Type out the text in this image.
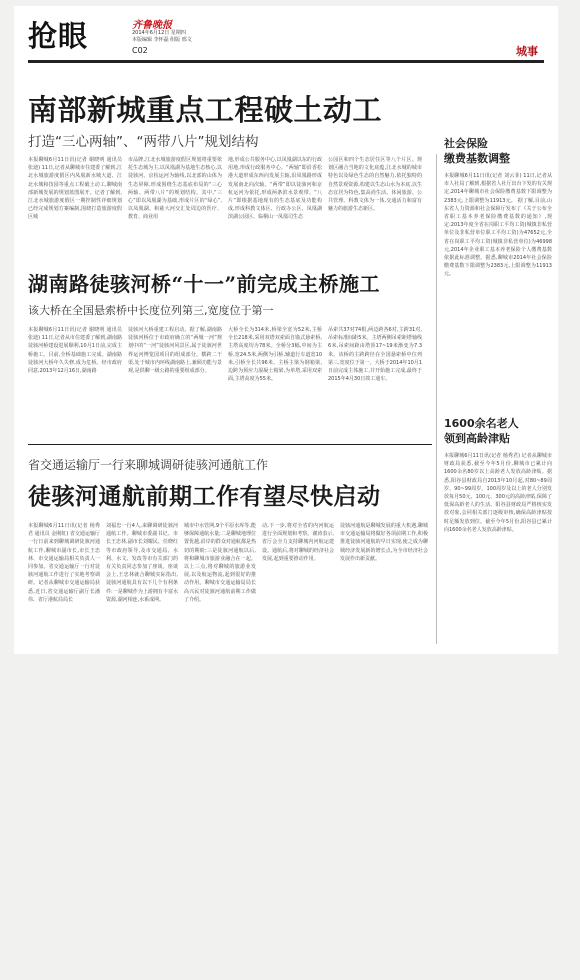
抢眼	齐鲁晚报
2014年6月12日 星期四
本版编辑 李怀磊 组版 邢文
C02	城事
南部新城重点工程破土动工
打造“三心两轴”、“两带八片”规划结构
本报聊城6月11日讯(记者 谢晓明 通讯员 张迪) 11日,记者从聊城市住建委了解到,江北水城旅游度假区内凤凰新水城大道、江北水城和技园等重点工程破土动工,聊城南部新城发展的规划蓝图展开。记者了解到,江北水城旅游度假区一期控制性详细规划已经完成规划方案编制,围绕打造旅游度假区城
市品牌,江北水城旅游度假区规划将重要依托生态城为主,以凤凰湖为基地生态核心,以徒骇河、京杭运河为轴线,以北部的山体为生态屏障,形成围绕生态基底布局的“三心两轴、两带八片”的规划结构。其中,“三心”即以凤凰湖为基础,形成片区的“绿心”,以凤凰湖、和慈大河交汇处周边的医疗、教育、商业用
地,形成公共服务中心,以凤凰湖以东的行政用地,形成行政服务中心。“两轴”即沿香松港大道形成东西向发展主轴,沿凤凰路形成发展南北向次轴。“两带”即以徒骇河和京杭运河为依托,形成两条滨水景观带。“八片”即根据基地现有的生态基底及功能构成,形成科教文体区、行政办公区、凤凰湖滨湖公园区、临桐山一凤凰司生态
公园区和四个生态居住区等八个片区。规划区融合当地的文化底蕴,江北水城的城市特色以及绿色生态的自然魅力,依托独特的自然景观资源,构建以生态山水为本底,以生态宜居为特色,集高尚生活、休闲旅游、公共管理、科教文体为一体,交通活力和富有魅力的旅游生态新区。
社会保险
缴费基数调整
本报聊城6月11日讯(记者 刘云菲) 11日,记者从市人社局了解到,根据省人社厅出台下发的有关规定,2014年聊城市社会保险缴费基数下限调整为2383元,上限调整为11913元。 据了解,目前,山东省人力资源和社会保障厅发布了《关于公布全省职工基本养老保险缴费基数的通知》,规定:2013年度全省在岗职工平均工资(城镇非私营单位及非私营单位职工平均工资)为47652元,全省在岗职工平均工资(城镇非私营单位)为46998元,2014年企业职工基本养老保险个人缴费基数依据此标准调整。据悉,聊城市2014年社会保险缴费基数下限调整为2383元,上限调整为11913元。
湖南路徒骇河桥“十一”前完成主桥施工
该大桥在全国悬索桥中长度位列第三,宽度位于第一
本报聊城6月11日讯(记者 谢晓明 通讯员 张迪) 11日,记者从市住建委了解到,湖南路徒骇河桥建设进展顺利,10月1日前,完成主桥施工。目前,全桥基础施工完成。湖南路徒骇河大桥年久失修,成为危桥。经市政府同意,2013年12月16日,湖南路
徒骇河大桥重建工程启动。据了解,湖南路徒骇河桥位于市政府确立的“两城一河”规划中的“一河”徒骇河风景区,属于徒骇河世界运河博览园项目的组成部分。横跨二干渠,处于城市内环线湖南路上,兼顾功能与景观,是供聊一级公路的重要组成部分。
大桥全长为314米,桥梁全宽为52米,主桥全长218米,采用双塔双索面自锚式悬索桥,主塔高度均为78米。全桥分3幅,中间为主桥,宽24.5米,两侧为引桥,辅道行车道宽10米,引桥全长共96米。主桥主梁为钢箱梁,边跨为预应力混凝土箱梁,为单塔,采用双索面,主塔高度为55米。
吊索共37对74根,两边跨各6对,主跨31对,吊索标准间距5米。主塔两侧吊索距塔轴线6米,吊索间距由塔顶17~19米渐变为7.3米。该桥的主跨跨径在全国悬索桥中位列第三,宽度位于第一。大桥于2014年10月1日前完成主体施工,并开始施工完成,最终于2015年4月30日竣工通车。
1600余名老人
领到高龄津贴
本报聊城6月11日讯(记者 杨秀君) 记者从聊城市财政局获悉,截至今年5月份,聊城市已累计向1600余名80岁以上高龄老人发放高龄津贴。据悉,阳谷县财政局自2013年10月起,对80~89周岁、90~99周岁、100周岁及以上的老人分别发放每月50元、100元、300元的高龄津贴,保障了低保高龄老人的生活。阳谷县财政局严格核实发放对象,会同相关部门逐级审核,确保高龄津贴按时足额发放到位。截至今年5月份,阳谷县已累计向1600余名老人发放高龄津贴。
省交通运输厅一行来聊城调研徒骇河通航工作
徒骇河通航前期工作有望尽快启动
本报聊城6月11日讯(记者 杨秀君 通讯员 金刚虹) 省交通运输厅一行日前来到聊城调研徒骇河通航工作,聊城市副市长,市长王忠林、市交通运输局相关负责人一同参加。省交通运输厅一行对徒骇河通航工作进行了实地考察调研。记者从聊城市交通运输局获悉,近日,省交通运输厅副厅长潘伟、省厅港航局局长
刘福忠一行4人,来聊调研徒骇河通航工作。聊城市委副书记、市长王忠林,副市长刘耀民、任晓红等市政府领导,及市交通局、水利、水文、发改等市有关部门的有关负责同志参加了座谈。座谈会上,王忠林就合聊城实际指出,徒骇河通航具有以下几个有利条件:一是聊城作为上游拥有丰富水资源,湖河相连,水系成网。
城市中水管网,9个平原水库等,能够保障通航水量;二是聊城地理位置优越,沿岸的群众对通航都是热切的期盼;三是徒骇河通航以后,将和聊城市旅游业融合在一起。以上三点,将对聊城的旅游业发展,以及航运物流,起到很好的推动作用。聊城市交通运输局局长高兴民对徒骇河通航前期工作做了介绍。
动,下一步,将对全省的内河航运进行全面规划和考察。谢涛表示,省厅会全力支持聊城内河航运建设。通航后,将对聊城的经济社会发展,起到重要推动作用。
徒骇河通航是聊城发展的重大机遇,聊城市交通运输局将做好各项前期工作,积极推进徒骇河通航的早日实现,使之成为聊城经济发展新的增长点,为全市经济社会发展作出新贡献。
